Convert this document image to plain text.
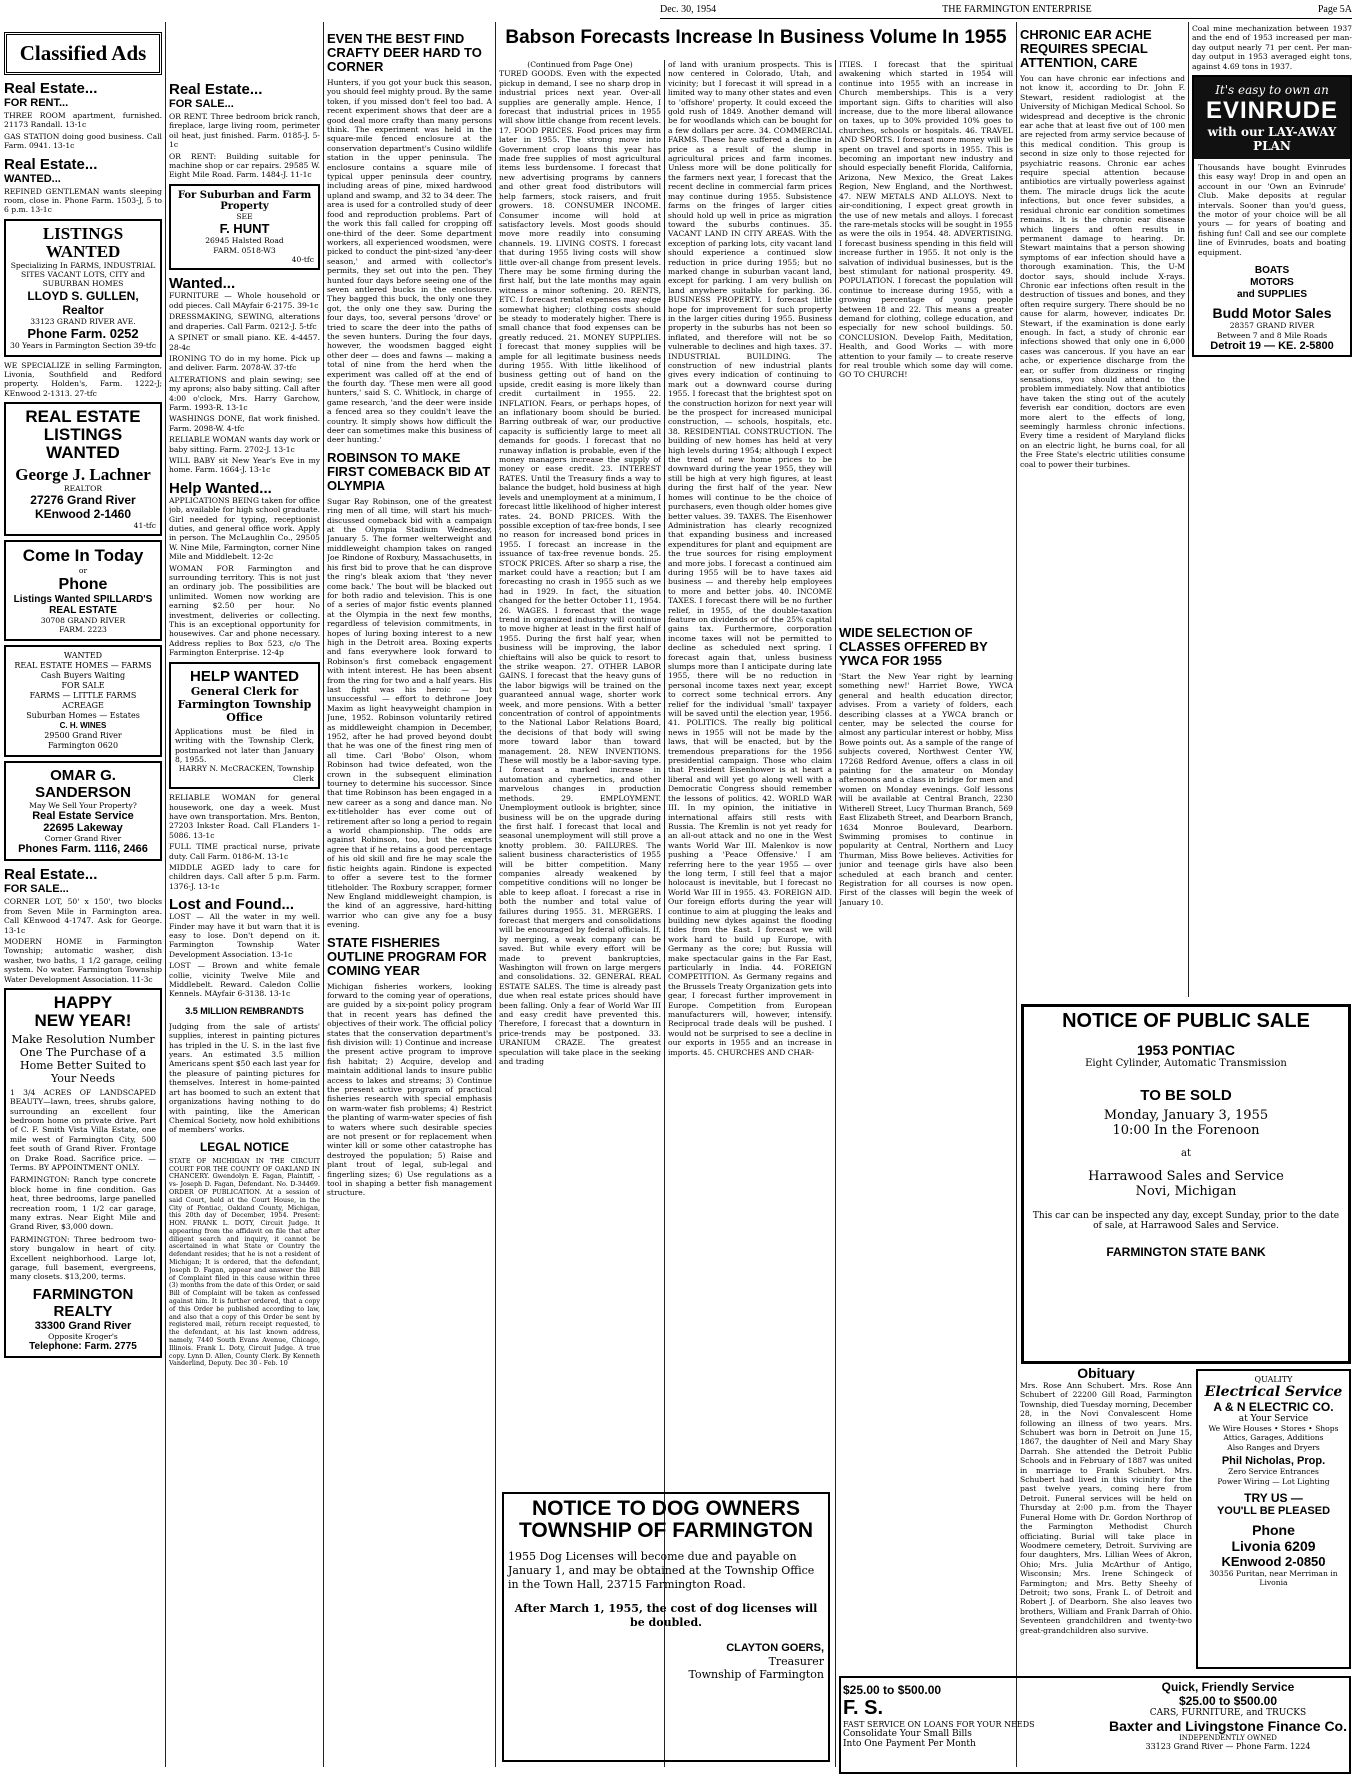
Dec. 30, 1954	THE FARMINGTON ENTERPRISE	Page 5A
Classified Ads
Real Estate...
FOR RENT...

THREE ROOM apartment, furnished. 21173 Randall. 13-1c

GAS STATION doing good business. Call Farm. 0941. 13-1c

Real Estate...
WANTED...

REFINED GENTLEMAN wants sleeping room, close in. Phone Farm. 1503-J, 5 to 6 p.m. 13-1c

LISTINGS WANTED
Specializing In FARMS, INDUSTRIAL SITES VACANT LOTS, CITY and SUBURBAN HOMES
LLOYD S. GULLEN, Realtor
33123 GRAND RIVER AVE.
Phone Farm. 0252
30 Years in Farmington Section 39-tfc
WE SPECIALIZE in selling Farmington, Livonia, Southfield and Redford property. Holden's, Farm. 1222-J; KEnwood 2-1313. 27-tfc
REAL ESTATE LISTINGS WANTED
George J. Lachner
REALTOR
27276 Grand River
KEnwood 2-1460
41-tfc
Come In Today
or
Phone
Listings Wanted SPILLARD'S REAL ESTATE
30708 GRAND RIVER
FARM. 2223
WANTED
REAL ESTATE HOMES — FARMS
Cash Buyers Waiting
FOR SALE
FARMS — LITTLE FARMS ACREAGE
Suburban Homes — Estates
C. H. WINES
29500 Grand River
Farmington 0620
OMAR G. SANDERSON
May We Sell Your Property?
Real Estate Service
22695 Lakeway
Corner Grand River
Phones Farm. 1116, 2466
Real Estate...
FOR SALE...

CORNER LOT, 50' x 150', two blocks from Seven Mile in Farmington area. Call KEnwood 4-1747. Ask for George. 13-1c

MODERN HOME in Farmington Township; automatic washer, dish washer, two baths, 1 1/2 garage, ceiling system. No water. Farmington Township Water Development Association. 11-3c

HAPPY
NEW YEAR!
Make Resolution Number One The Purchase of a Home Better Suited to Your Needs
1 3/4 ACRES OF LANDSCAPED BEAUTY—lawn, trees, shrubs galore, surrounding an excellent four bedroom home on private drive. Part of C. F. Smith Vista Villa Estate, one mile west of Farmington City, 500 feet south of Grand River. Frontage on Drake Road. Sacrifice price. — Terms. BY APPOINTMENT ONLY.
FARMINGTON: Ranch type concrete block home in fine condition. Gas heat, three bedrooms, large panelled recreation room, 1 1/2 car garage, many extras. Near Eight Mile and Grand River, $3,000 down.
FARMINGTON: Three bedroom two-story bungalow in heart of city. Excellent neighborhood. Large lot, garage, full basement, evergreens, many closets. $13,200, terms.
FARMINGTON REALTY
33300 Grand River
Opposite Kroger's
Telephone: Farm. 2775
Real Estate...
FOR SALE...

OR RENT. Three bedroom brick ranch, fireplace, large living room, perimeter oil heat, just finished. Farm. 0185-J. 5-1c

OR RENT: Building suitable for machine shop or car repairs. 29585 W. Eight Mile Road. Farm. 1484-J. 11-1c

For Suburban and Farm Property
SEE
F. HUNT
26945 Halsted Road
FARM. 0518-W3
40-tfc
Wanted...

FURNITURE — Whole household or odd pieces. Call MAyfair 6-2175. 39-1c

DRESSMAKING, SEWING, alterations and draperies. Call Farm. 0212-J. 5-tfc

A SPINET or small piano. KE. 4-4457. 28-4c

IRONING TO do in my home. Pick up and deliver. Farm. 2078-W. 37-tfc

ALTERATIONS and plain sewing; see my aprons; also baby sitting. Call after 4:00 o'clock, Mrs. Harry Garchow, Farm. 1993-R. 13-1c

WASHINGS DONE, flat work finished. Farm. 2098-W. 4-tfc

RELIABLE WOMAN wants day work or baby sitting. Farm. 2702-J. 13-1c

WILL BABY sit New Year's Eve in my home. Farm. 1664-J. 13-1c

Help Wanted...

APPLICATIONS BEING taken for office job, available for high school graduate. Girl needed for typing, receptionist duties, and general office work. Apply in person. The McLaughlin Co., 29505 W. Nine Mile, Farmington, corner Nine Mile and Middlebelt. 12-2c

WOMAN FOR Farmington and surrounding territory. This is not just an ordinary job. The possibilities are unlimited. Women now working are earning $2.50 per hour. No investment, deliveries or collecting. This is an exceptional opportunity for housewives. Car and phone necessary. Address replies to Box 523, c/o The Farmington Enterprise. 12-4p

HELP WANTED
General Clerk for Farmington Township Office
Applications must be filed in writing with the Township Clerk, postmarked not later than January 8, 1955.
HARRY N. McCRACKEN, Township Clerk

RELIABLE WOMAN for general housework, one day a week. Must have own transportation. Mrs. Benton, 27203 Inkster Road. Call FLanders 1-5086. 13-1c

FULL TIME practical nurse, private duty. Call Farm. 0186-M. 13-1c

MIDDLE AGED lady to care for children days. Call after 5 p.m. Farm. 1376-J. 13-1c

Lost and Found...

LOST — All the water in my well. Finder may have it but warn that it is easy to lose. Don't depend on it. Farmington Township Water Development Association. 13-1c

LOST — Brown and white female collie, vicinity Twelve Mile and Middlebelt. Reward. Caledon Collie Kennels. MAyfair 6-3138. 13-1c

3.5 MILLION REMBRANDTS
Judging from the sale of artists' supplies, interest in painting pictures has tripled in the U. S. in the last five years. An estimated 3.5 million Americans spent $50 each last year for the pleasure of painting pictures for themselves. Interest in home-painted art has boomed to such an extent that organizations having nothing to do with painting, like the American Chemical Society, now hold exhibitions of members' works.
LEGAL NOTICE
STATE OF MICHIGAN IN THE CIRCUIT COURT FOR THE COUNTY OF OAKLAND IN CHANCERY. Gwendolyn E. Fagan, Plaintiff, -vs- Joseph D. Fagan, Defendant. No. D-34469. ORDER OF PUBLICATION. At a session of said Court, held at the Court House, in the City of Pontiac, Oakland County, Michigan, this 20th day of December, 1954. Present: HON. FRANK L. DOTY, Circuit Judge. It appearing from the affidavit on file that after diligent search and inquiry, it cannot be ascertained in what State or Country the defendant resides; that he is not a resident of Michigan; It is ordered, that the defendant, Joseph D. Fagan, appear and answer the Bill of Complaint filed in this cause within three (3) months from the date of this Order, or said Bill of Complaint will be taken as confessed against him. It is further ordered, that a copy of this Order be published according to law, and also that a copy of this Order be sent by registered mail, return receipt requested, to the defendant, at his last known address, namely, 7440 South Evans Avenue, Chicago, Illinois. Frank L. Doty, Circuit Judge. A true copy. Lynn D. Allen, County Clerk. By Kenneth Vanderlind, Deputy. Dec 30 - Feb. 10
EVEN THE BEST FIND CRAFTY DEER HARD TO CORNER
Hunters, if you got your buck this season, you should feel mighty proud. By the same token, if you missed don't feel too bad. A recent experiment shows that deer are a good deal more crafty than many persons think. The experiment was held in the square-mile fenced enclosure at the conservation department's Cusino wildlife station in the upper peninsula. The enclosure contains a square mile of typical upper peninsula deer country, including areas of pine, mixed hardwood upland and swamp, and 32 to 34 deer. The area is used for a controlled study of deer food and reproduction problems. Part of the work this fall called for cropping off one-third of the deer. Some department workers, all experienced woodsmen, were picked to conduct the pint-sized 'any-deer season,' and armed with collector's permits, they set out into the pen. They hunted four days before seeing one of the seven antlered bucks in the enclosure. They bagged this buck, the only one they got, the only one they saw. During the four days, too, several persons 'drove' or tried to scare the deer into the paths of the seven hunters. During the four days, however, the woodsmen bagged eight other deer — does and fawns — making a total of nine from the herd when the experiment was called off at the end of the fourth day. 'These men were all good hunters,' said S. C. Whitlock, in charge of game research, 'and the deer were inside a fenced area so they couldn't leave the country. It simply shows how difficult the deer can sometimes make this business of deer hunting.'
ROBINSON TO MAKE FIRST COMEBACK BID AT OLYMPIA
Sugar Ray Robinson, one of the greatest ring men of all time, will start his much-discussed comeback bid with a campaign at the Olympia Stadium Wednesday, January 5. The former welterweight and middleweight champion takes on ranged Joe Rindone of Roxbury, Massachusetts, in his first bid to prove that he can disprove the ring's bleak axiom that 'they never come back.' The bout will be blacked out for both radio and television. This is one of a series of major fistic events planned at the Olympia in the next few months, regardless of television commitments, in hopes of luring boxing interest to a new high in the Detroit area. Boxing experts and fans everywhere look forward to Robinson's first comeback engagement with intent interest. He has been absent from the ring for two and a half years. His last fight was his heroic — but unsuccessful — effort to dethrone Joey Maxim as light heavyweight champion in June, 1952. Robinson voluntarily retired as middleweight champion in December, 1952, after he had proved beyond doubt that he was one of the finest ring men of all time. Carl 'Bobo' Olson, whom Robinson had twice defeated, won the crown in the subsequent elimination tourney to determine his successor. Since that time Robinson has been engaged in a new career as a song and dance man. No ex-titleholder has ever come out of retirement after so long a period to regain a world championship. The odds are against Robinson, too, but the experts agree that if he retains a good percentage of his old skill and fire he may scale the fistic heights again. Rindone is expected to offer a severe test to the former titleholder. The Roxbury scrapper, former New England middleweight champion, is the kind of an aggressive, hard-hitting warrior who can give any foe a busy evening.
STATE FISHERIES OUTLINE PROGRAM FOR COMING YEAR
Michigan fisheries workers, looking forward to the coming year of operations, are guided by a six-point policy program that in recent years has defined the objectives of their work. The official policy states that the conservation department's fish division will: 1) Continue and increase the present active program to improve fish habitat; 2) Acquire, develop and maintain additional lands to insure public access to lakes and streams; 3) Continue the present active program of practical fisheries research with special emphasis on warm-water fish problems; 4) Restrict the planting of warm-water species of fish to waters where such desirable species are not present or for replacement when winter kill or some other catastrophe has destroyed the population; 5) Raise and plant trout of legal, sub-legal and fingerling sizes; 6) Use regulations as a tool in shaping a better fish management structure.
Babson Forecasts Increase In Business Volume In 1955
(Continued from Page One)
TURED GOODS. Even with the expected pickup in demand, I see no sharp drop in industrial prices next year. Over-all supplies are generally ample. Hence, I forecast that industrial prices in 1955 will show little change from recent levels. 17. FOOD PRICES. Food prices may firm later in 1955. The strong move into Government crop loans this year has made free supplies of most agricultural items less burdensome. I forecast that new advertising programs by canners and other great food distributors will help farmers, stock raisers, and fruit growers. 18. CONSUMER INCOME. Consumer income will hold at satisfactory levels. Most goods should move more readily into consuming channels. 19. LIVING COSTS. I forecast that during 1955 living costs will show little over-all change from present levels. There may be some firming during the first half, but the late months may again witness a minor softening. 20. RENTS, ETC. I forecast rental expenses may edge somewhat higher; clothing costs should be steady to moderately higher. There is small chance that food expenses can be greatly reduced. 21. MONEY SUPPLIES. I forecast that money supplies will be ample for all legitimate business needs during 1955. With little likelihood of business getting out of hand on the upside, credit easing is more likely than credit curtailment in 1955. 22. INFLATION. Fears, or perhaps hopes, of an inflationary boom should be buried. Barring outbreak of war, our productive capacity is sufficiently large to meet all demands for goods. I forecast that no runaway inflation is probable, even if the money managers increase the supply of money or ease credit. 23. INTEREST RATES. Until the Treasury finds a way to balance the budget, hold business at high levels and unemployment at a minimum, I forecast little likelihood of higher interest rates. 24. BOND PRICES. With the possible exception of tax-free bonds, I see no reason for increased bond prices in 1955. I forecast an increase in the issuance of tax-free revenue bonds. 25. STOCK PRICES. After so sharp a rise, the market could have a reaction; but I am forecasting no crash in 1955 such as we had in 1929. In fact, the situation changed for the better October 11, 1954. 26. WAGES. I forecast that the wage trend in organized industry will continue to move higher at least in the first half of 1955. During the first half year, when business will be improving, the labor chieftains will also be quick to resort to the strike weapon. 27. OTHER LABOR GAINS. I forecast that the heavy guns of the labor bigwigs will be trained on the guaranteed annual wage, shorter work week, and more pensions. With a better concentration of control of appointments to the National Labor Relations Board, the decisions of that body will swing more toward labor than toward management. 28. NEW INVENTIONS. These will mostly be a labor-saving type. I forecast a marked increase in automation and cybernetics, and other marvelous changes in production methods. 29. EMPLOYMENT. Unemployment outlook is brighter, since business will be on the upgrade during the first half. I forecast that local and seasonal unemployment will still prove a knotty problem. 30. FAILURES. The salient business characteristics of 1955 will be bitter competition. Many companies already weakened by competitive conditions will no longer be able to keep afloat. I forecast a rise in both the number and total value of failures during 1955. 31. MERGERS. I forecast that mergers and consolidations will be encouraged by federal officials. If, by merging, a weak company can be saved. But while every effort will be made to prevent bankruptcies, Washington will frown on large mergers and consolidations. 32. GENERAL REAL ESTATE SALES. The time is already past due when real estate prices should have been falling. Only a fear of World War III and easy credit have prevented this. Therefore, I forecast that a downturn in price-trends may be postponed. 33. URANIUM CRAZE. The greatest speculation will take place in the seeking and trading
of land with uranium prospects. This is now centered in Colorado, Utah, and vicinity; but I forecast it will spread in a limited way to many other states and even to 'offshore' property. It could exceed the gold rush of 1849. Another demand will be for woodlands which can be bought for a few dollars per acre. 34. COMMERCIAL FARMS. These have suffered a decline in price as a result of the slump in agricultural prices and farm incomes. Unless more will be done politically for the farmers next year, I forecast that the recent decline in commercial farm prices may continue during 1955. Subsistence farms on the fringes of larger cities should hold up well in price as migration toward the suburbs continues. 35. VACANT LAND IN CITY AREAS. With the exception of parking lots, city vacant land should experience a continued slow reduction in price during 1955; but no marked change in suburban vacant land, except for parking. I am very bullish on land anywhere suitable for parking. 36. BUSINESS PROPERTY. I forecast little hope for improvement for such property in the larger cities during 1955. Business property in the suburbs has not been so inflated, and therefore will not be so vulnerable to declines and high taxes. 37. INDUSTRIAL BUILDING. The construction of new industrial plants gives every indication of continuing to mark out a downward course during 1955. I forecast that the brightest spot on the construction horizon for next year will be the prospect for increased municipal construction, — schools, hospitals, etc. 38. RESIDENTIAL CONSTRUCTION. The building of new homes has held at very high levels during 1954; although I expect the trend of new home prices to be downward during the year 1955, they will still be high at very high figures, at least during the first half of the year. New homes will continue to be the choice of purchasers, even though older homes give better values. 39. TAXES. The Eisenhower Administration has clearly recognized that expanding business and increased expenditures for plant and equipment are the true sources for rising employment and more jobs. I forecast a continued aim during 1955 will be to have taxes aid business — and thereby help employees to more and better jobs. 40. INCOME TAXES. I forecast there will be no further relief, in 1955, of the double-taxation feature on dividends or of the 25% capital gains tax. Furthermore, corporation income taxes will not be permitted to decline as scheduled next spring. I forecast again that, unless business slumps more than I anticipate during late 1955, there will be no reduction in personal income taxes next year, except to correct some technical errors. Any relief for the individual 'small' taxpayer will be saved until the election year, 1956. 41. POLITICS. The really big political news in 1955 will not be made by the laws, that will be enacted, but by the tremendous preparations for the 1956 presidential campaign. Those who claim that President Eisenhower is at heart a liberal and will yet go along well with a Democratic Congress should remember the lessons of politics. 42. WORLD WAR III. In my opinion, the initiative in international affairs still rests with Russia. The Kremlin is not yet ready for an all-out attack and no one in the West wants World War III. Malenkov is now pushing a 'Peace Offensive.' I am referring here to the year 1955 — over the long term, I still feel that a major holocaust is inevitable, but I forecast no World War III in 1955. 43. FOREIGN AID. Our foreign efforts during the year will continue to aim at plugging the leaks and building new dykes against the flooding tides from the East. I forecast we will work hard to build up Europe, with Germany as the core; but Russia will make spectacular gains in the Far East, particularly in India. 44. FOREIGN COMPETITION. As Germany regains and the Brussels Treaty Organization gets into gear, I forecast further improvement in Europe. Competition from European manufacturers will, however, intensify. Reciprocal trade deals will be pushed. I would not be surprised to see a decline in our exports in 1955 and an increase in imports. 45. CHURCHES AND CHAR-
ITIES. I forecast that the spiritual awakening which started in 1954 will continue into 1955 with an increase in Church memberships. This is a very important sign. Gifts to charities will also increase, due to the more liberal allowance on taxes, up to 30% provided 10% goes to churches, schools or hospitals. 46. TRAVEL AND SPORTS. I forecast more money will be spent on travel and sports in 1955. This is becoming an important new industry and should especially benefit Florida, California, Arizona, New Mexico, the Great Lakes Region, New England, and the Northwest. 47. NEW METALS AND ALLOYS. Next to air-conditioning, I expect great growth in the use of new metals and alloys. I forecast the rare-metals stocks will be sought in 1955 as were the oils in 1954. 48. ADVERTISING. I forecast business spending in this field will increase further in 1955. It not only is the salvation of individual businesses, but is the best stimulant for national prosperity. 49. POPULATION. I forecast the population will continue to increase during 1955, with a growing percentage of young people between 18 and 22. This means a greater demand for clothing, college education, and especially for new school buildings. 50. CONCLUSION. Develop Faith, Meditation, Health, and Good Works — with more attention to your family — to create reserve for real trouble which some day will come. GO TO CHURCH!
WIDE SELECTION OF CLASSES OFFERED BY YWCA FOR 1955
'Start the New Year right by learning something new!' Harriet Bowe, YWCA general and health education director, advises. From a variety of folders, each describing classes at a YWCA branch or center, may be selected the course for almost any particular interest or hobby, Miss Bowe points out. As a sample of the range of subjects covered, Northwest Center YW, 17268 Redford Avenue, offers a class in oil painting for the amateur on Monday afternoons and a class in bridge for men and women on Monday evenings. Golf lessons will be available at Central Branch, 2230 Witherell Street, Lucy Thurman Branch, 569 East Elizabeth Street, and Dearborn Branch, 1634 Monroe Boulevard, Dearborn. Swimming promises to continue in popularity at Central, Northern and Lucy Thurman, Miss Bowe believes. Activities for junior and teenage girls have also been scheduled at each branch and center. Registration for all courses is now open. First of the classes will begin the week of January 10.
NOTICE TO DOG OWNERS TOWNSHIP OF FARMINGTON
1955 Dog Licenses will become due and payable on January 1, and may be obtained at the Township Office in the Town Hall, 23715 Farmington Road.
After March 1, 1955, the cost of dog licenses will be doubled.
CLAYTON GOERS,
Treasurer
Township of Farmington
CHRONIC EAR ACHE REQUIRES SPECIAL ATTENTION, CARE
You can have chronic ear infections and not know it, according to Dr. John F. Stewart, resident radiologist at the University of Michigan Medical School. So widespread and deceptive is the chronic ear ache that at least five out of 100 men are rejected from army service because of this medical condition. This group is second in size only to those rejected for psychiatric reasons. Chronic ear aches require special attention because antibiotics are virtually powerless against them. The miracle drugs lick the acute infections, but once fever subsides, a residual chronic ear condition sometimes remains. It is the chronic ear disease which lingers and often results in permanent damage to hearing. Dr. Stewart maintains that a person showing symptoms of ear infection should have a thorough examination. This, the U-M doctor says, should include X-rays. Chronic ear infections often result in the destruction of tissues and bones, and they often require surgery. There should be no cause for alarm, however, indicates Dr. Stewart, if the examination is done early enough. In fact, a study of chronic ear infections showed that only one in 6,000 cases was cancerous. If you have an ear ache, or experience discharge from the ear, or suffer from dizziness or ringing sensations, you should attend to the problem immediately. Now that antibiotics have taken the sting out of the acutely feverish ear condition, doctors are even more alert to the effects of long, seemingly harmless chronic infections. Every time a resident of Maryland flicks on an electric light, he burns coal, for all the Free State's electric utilities consume coal to power their turbines.
Coal mine mechanization between 1937 and the end of 1953 increased per man-day output nearly 71 per cent. Per man-day output in 1953 averaged eight tons, against 4.69 tons in 1937.
It's easy to own an
EVINRUDE
with our LAY-AWAY PLAN
Thousands have bought Evinrudes this easy way! Drop in and open an account in our 'Own an Evinrude' Club. Make deposits at regular intervals. Sooner than you'd guess, the motor of your choice will be all yours — for years of boating and fishing fun! Call and see our complete line of Evinrudes, boats and boating equipment.
BOATS
MOTORS
and SUPPLIES
Budd Motor Sales
28357 GRAND RIVER
Between 7 and 8 Mile Roads
Detroit 19 — KE. 2-5800
NOTICE OF PUBLIC SALE
1953 PONTIAC
Eight Cylinder, Automatic Transmission
TO BE SOLD
Monday, January 3, 1955
10:00 In the Forenoon
at
Harrawood Sales and Service
Novi, Michigan
This car can be inspected any day, except Sunday, prior to the date of sale, at Harrawood Sales and Service.
FARMINGTON STATE BANK
Obituary
Mrs. Rose Ann Schubert. Mrs. Rose Ann Schubert of 22200 Gill Road, Farmington Township, died Tuesday morning, December 28, in the Novi Convalescent Home following an illness of two years. Mrs. Schubert was born in Detroit on June 15, 1867, the daughter of Neil and Mary Shay Darrah. She attended the Detroit Public Schools and in February of 1887 was united in marriage to Frank Schubert. Mrs. Schubert had lived in this vicinity for the past twelve years, coming here from Detroit. Funeral services will be held on Thursday at 2:00 p.m. from the Thayer Funeral Home with Dr. Gordon Northrop of the Farmington Methodist Church officiating. Burial will take place in Woodmere cemetery, Detroit. Surviving are four daughters, Mrs. Lillian Wees of Akron, Ohio; Mrs. Julia McArthur of Antigo, Wisconsin; Mrs. Irene Schingeck of Farmington; and Mrs. Betty Sheehy of Detroit; two sons, Frank L. of Detroit and Robert J. of Dearborn. She also leaves two brothers, William and Frank Darrah of Ohio. Seventeen grandchildren and twenty-two great-grandchildren also survive.
QUALITY
Electrical Service
A & N ELECTRIC CO.
at Your Service
We Wire Houses • Stores • Shops
Attics, Garages, Additions
Also Ranges and Dryers
Phil Nicholas, Prop.
Zero Service Entrances
Power Wiring — Lot Lighting
TRY US —
YOU'LL BE PLEASED
Phone
Livonia 6209
KEnwood 2-0850
30356 Puritan, near Merriman in Livonia
$25.00 to $500.00
F. S.
FAST SERVICE ON LOANS FOR YOUR NEEDS
Consolidate Your Small Bills
Into One Payment Per Month
Quick, Friendly Service
$25.00 to $500.00
CARS, FURNITURE, and TRUCKS
Baxter and Livingstone Finance Co.
INDEPENDENTLY OWNED
33123 Grand River — Phone Farm. 1224
